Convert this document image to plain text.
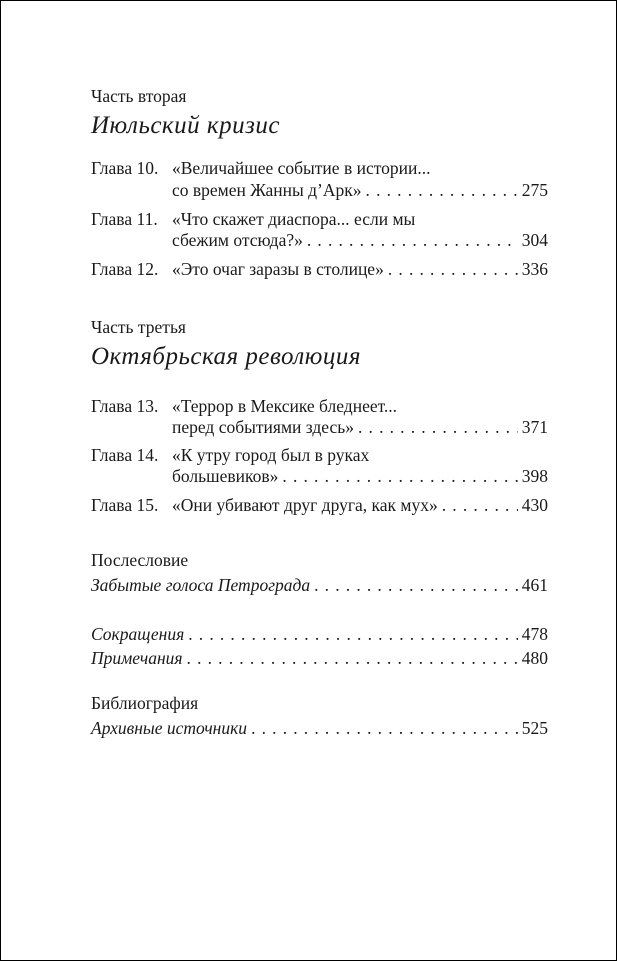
Часть вторая
Июльский кризис
Глава 10. «Величайшее событие в истории...
со времен Жанны д’Арк» . . .	275
Глава 11. «Что скажет диаспора... если мы
сбежим отсюда?» . . .	304
Глава 12. «Это очаг заразы в столице» . . .	336
Часть третья
Октябрьская революция
Глава 13. «Террор в Мексике бледнеет...
перед событиями здесь» . . .	371
Глава 14. «К утру город был в руках
большевиков» . . .	398
Глава 15. «Они убивают друг друга, как мух» . . .	430
Послесловие
Забытые голоса Петрограда . . .	461
Сокращения . . .	478
Примечания . . .	480
Библиография
Архивные источники . . .	525
